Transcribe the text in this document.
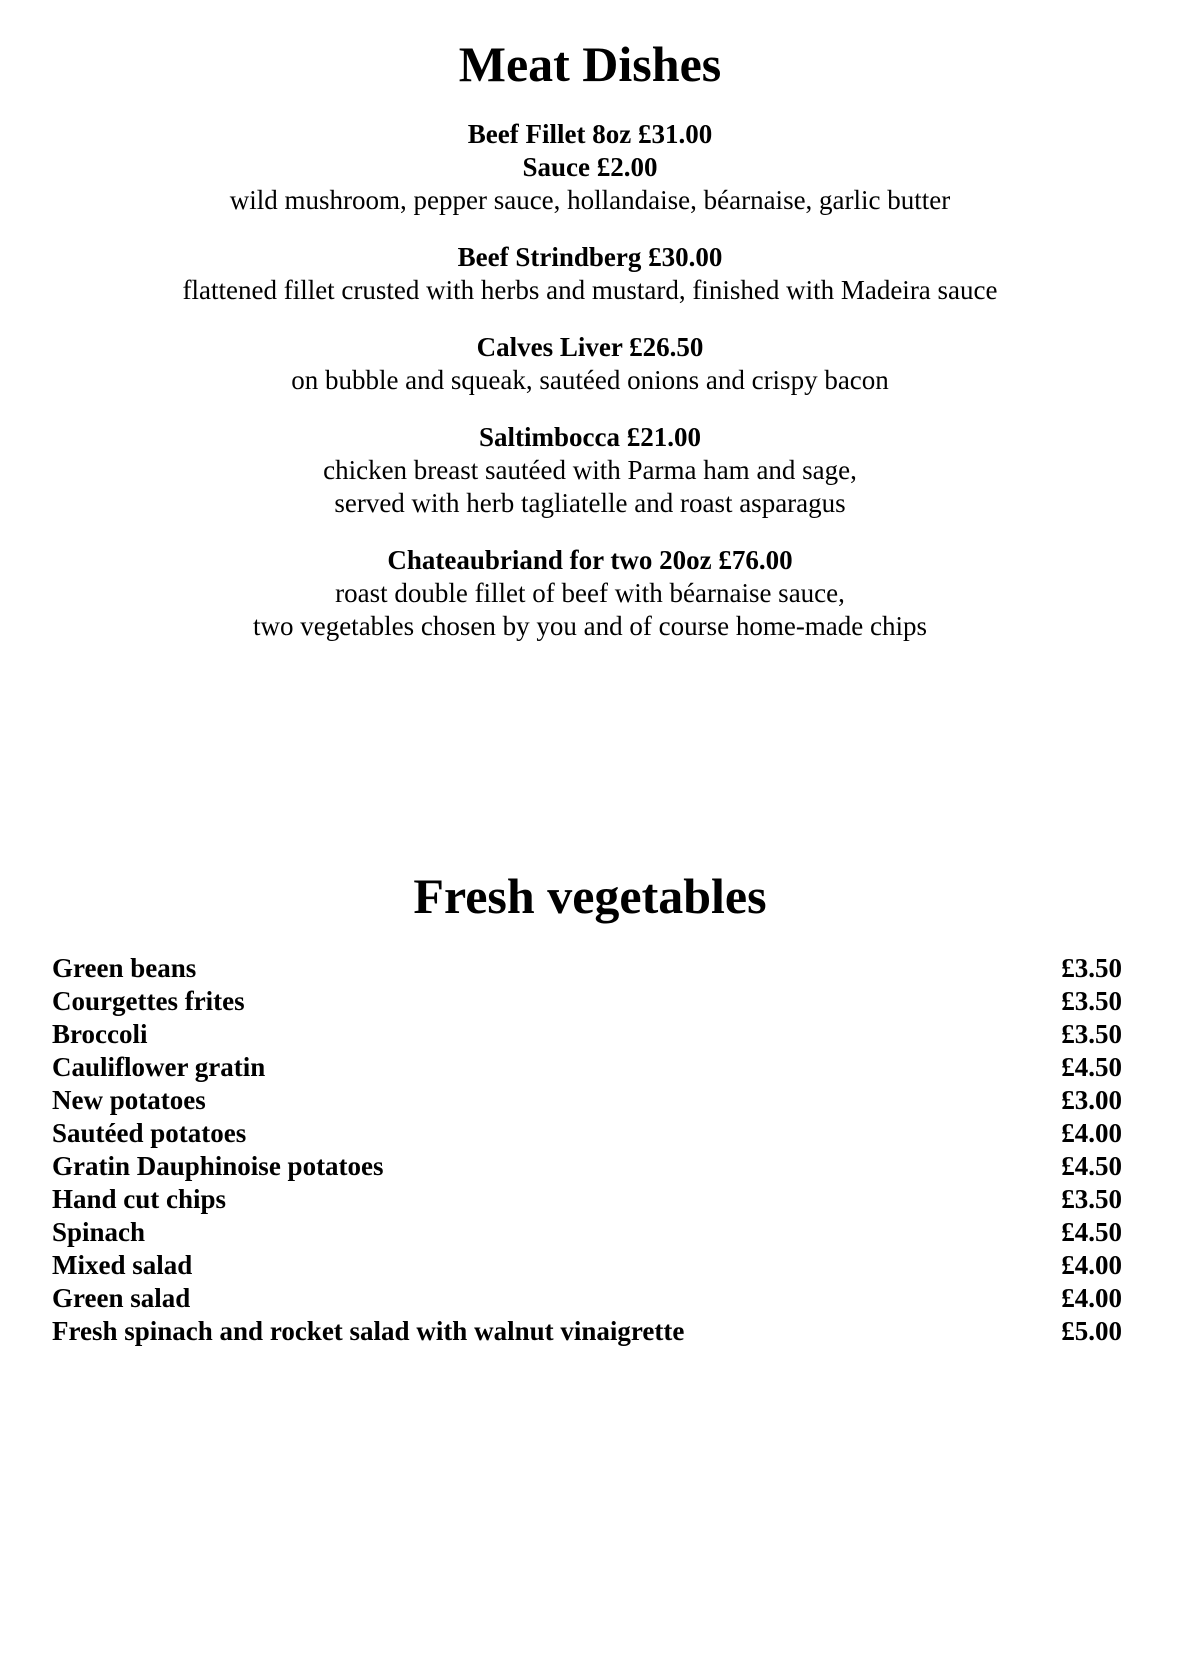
Meat Dishes
Beef Fillet 8oz £31.00
Sauce £2.00
wild mushroom, pepper sauce, hollandaise, béarnaise, garlic butter
Beef Strindberg £30.00
flattened fillet crusted with herbs and mustard, finished with Madeira sauce
Calves Liver £26.50
on bubble and squeak, sautéed onions and crispy bacon
Saltimbocca £21.00
chicken breast sautéed with Parma ham and sage,
served with herb tagliatelle and roast asparagus
Chateaubriand for two 20oz £76.00
roast double fillet of beef with béarnaise sauce,
two vegetables chosen by you and of course home-made chips
Fresh vegetables
Green beans	£3.50
Courgettes frites	£3.50
Broccoli	£3.50
Cauliflower gratin	£4.50
New potatoes	£3.00
Sautéed potatoes	£4.00
Gratin Dauphinoise potatoes	£4.50
Hand cut chips	£3.50
Spinach	£4.50
Mixed salad	£4.00
Green salad	£4.00
Fresh spinach and rocket salad with walnut vinaigrette	£5.00
